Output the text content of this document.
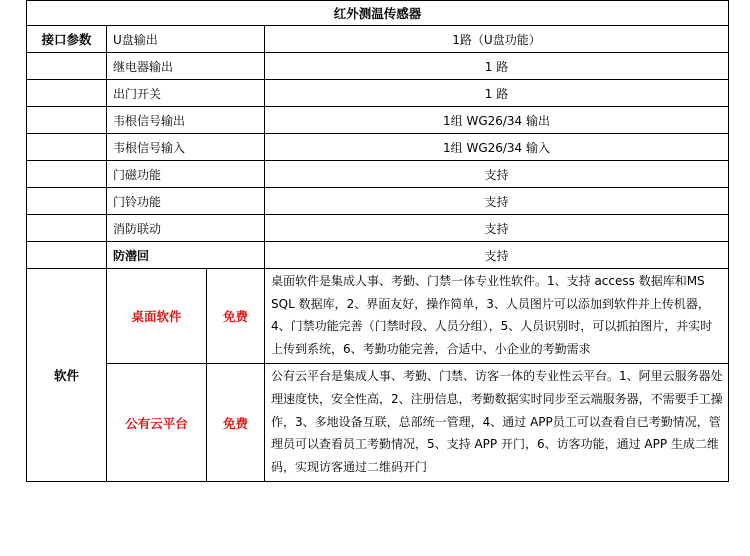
红外测温传感器			
接口参数	U盘输出		1路（U盘功能）
	继电器输出		1 路
	出门开关		1 路
	韦根信号输出		1组 WG26/34 输出
	韦根信号输入		1组 WG26/34 输入
	门磁功能		支持
	门铃功能		支持
	消防联动		支持
	防潜回		支持
软件	桌面软件	免费	桌面软件是集成人事、考勤、门禁一体专业性软件。1、支持 access 数据库和MS SQL 数据库，2、界面友好，操作简单，3、人员图片可以添加到软件并上传机器，4、门禁功能完善（门禁时段、人员分组），5、人员识别时，可以抓拍图片，并实时上传到系统，6、考勤功能完善，合适中、小企业的考勤需求
	公有云平台	免费	公有云平台是集成人事、考勤、门禁、访客一体的专业性云平台。1、阿里云服务器处理速度快，安全性高，2、注册信息，考勤数据实时同步至云端服务器，不需要手工操作，3、多地设备互联，总部统一管理，4、通过 APP员工可以查看自已考勤情况，管理员可以查看员工考勤情况，5、支持 APP 开门，6、访客功能，通过 APP 生成二维码，实现访客通过二维码开门
